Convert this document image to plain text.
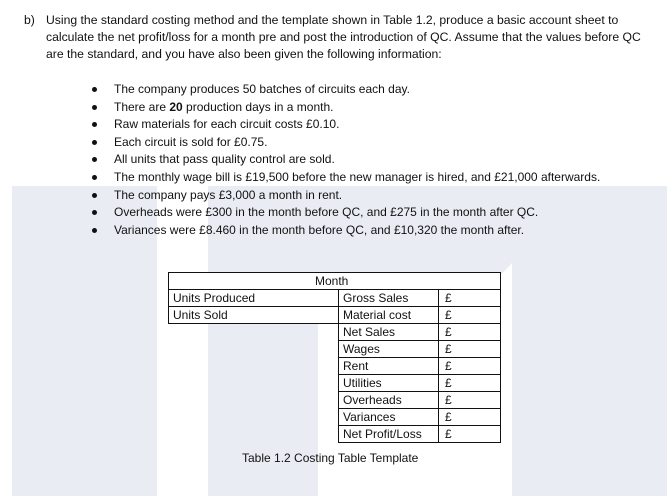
b) Using the standard costing method and the template shown in Table 1.2, produce a basic account sheet to
calculate the net profit/loss for a month pre and post the introduction of QC. Assume that the values before QC
are the standard, and you have also been given the following information:
The company produces 50 batches of circuits each day.
There are 20 production days in a month.
Raw materials for each circuit costs £0.10.
Each circuit is sold for £0.75.
All units that pass quality control are sold.
The monthly wage bill is £19,500 before the new manager is hired, and £21,000 afterwards.
The company pays £3,000 a month in rent.
Overheads were £300 in the month before QC, and £275 in the month after QC.
Variances were £8.460 in the month before QC, and £10,320 the month after.
Month
Units Produced
Units Sold
Gross Sales
Material cost
Net Sales
Wages
Rent
Utilities
Overheads
Variances
Net Profit/Loss
£
£
£
£
£
£
£
£
£
Table 1.2 Costing Table Template
